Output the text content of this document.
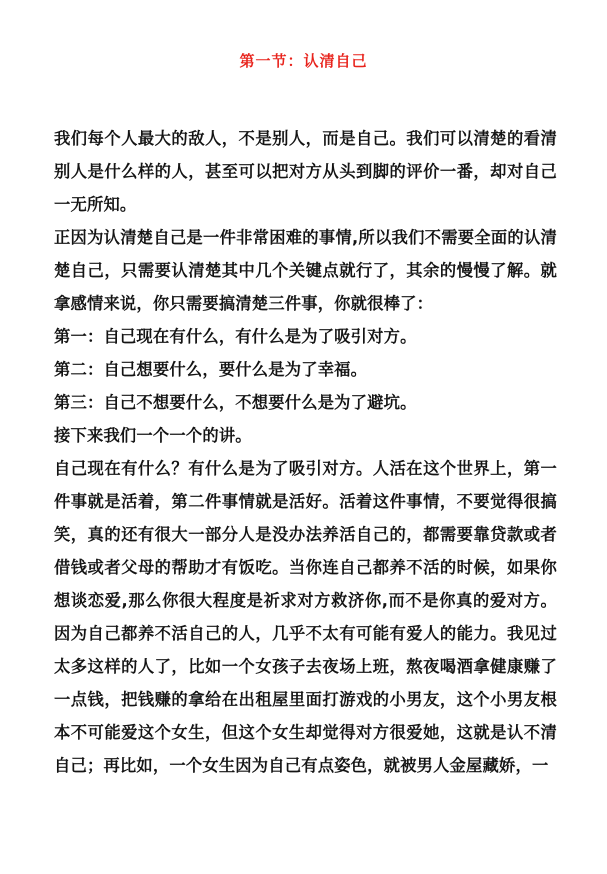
第一节：认清自己

我们每个人最大的敌人，不是别人，而是自己。我们可以清楚的看清别人是什么样的人，甚至可以把对方从头到脚的评价一番，却对自己一无所知。

正因为认清楚自己是一件非常困难的事情,所以我们不需要全面的认清楚自己，只需要认清楚其中几个关键点就行了，其余的慢慢了解。就拿感情来说，你只需要搞清楚三件事，你就很棒了：

第一：自己现在有什么，有什么是为了吸引对方。

第二：自己想要什么，要什么是为了幸福。

第三：自己不想要什么，不想要什么是为了避坑。

接下来我们一个一个的讲。

自己现在有什么？有什么是为了吸引对方。人活在这个世界上，第一件事就是活着，第二件事情就是活好。活着这件事情，不要觉得很搞笑，真的还有很大一部分人是没办法养活自己的，都需要靠贷款或者借钱或者父母的帮助才有饭吃。当你连自己都养不活的时候，如果你想谈恋爱,那么你很大程度是祈求对方救济你,而不是你真的爱对方。因为自己都养不活自己的人，几乎不太有可能有爱人的能力。我见过太多这样的人了，比如一个女孩子去夜场上班，熬夜喝酒拿健康赚了一点钱，把钱赚的拿给在出租屋里面打游戏的小男友，这个小男友根本不可能爱这个女生，但这个女生却觉得对方很爱她，这就是认不清自己；再比如，一个女生因为自己有点姿色，就被男人金屋藏娇，一
